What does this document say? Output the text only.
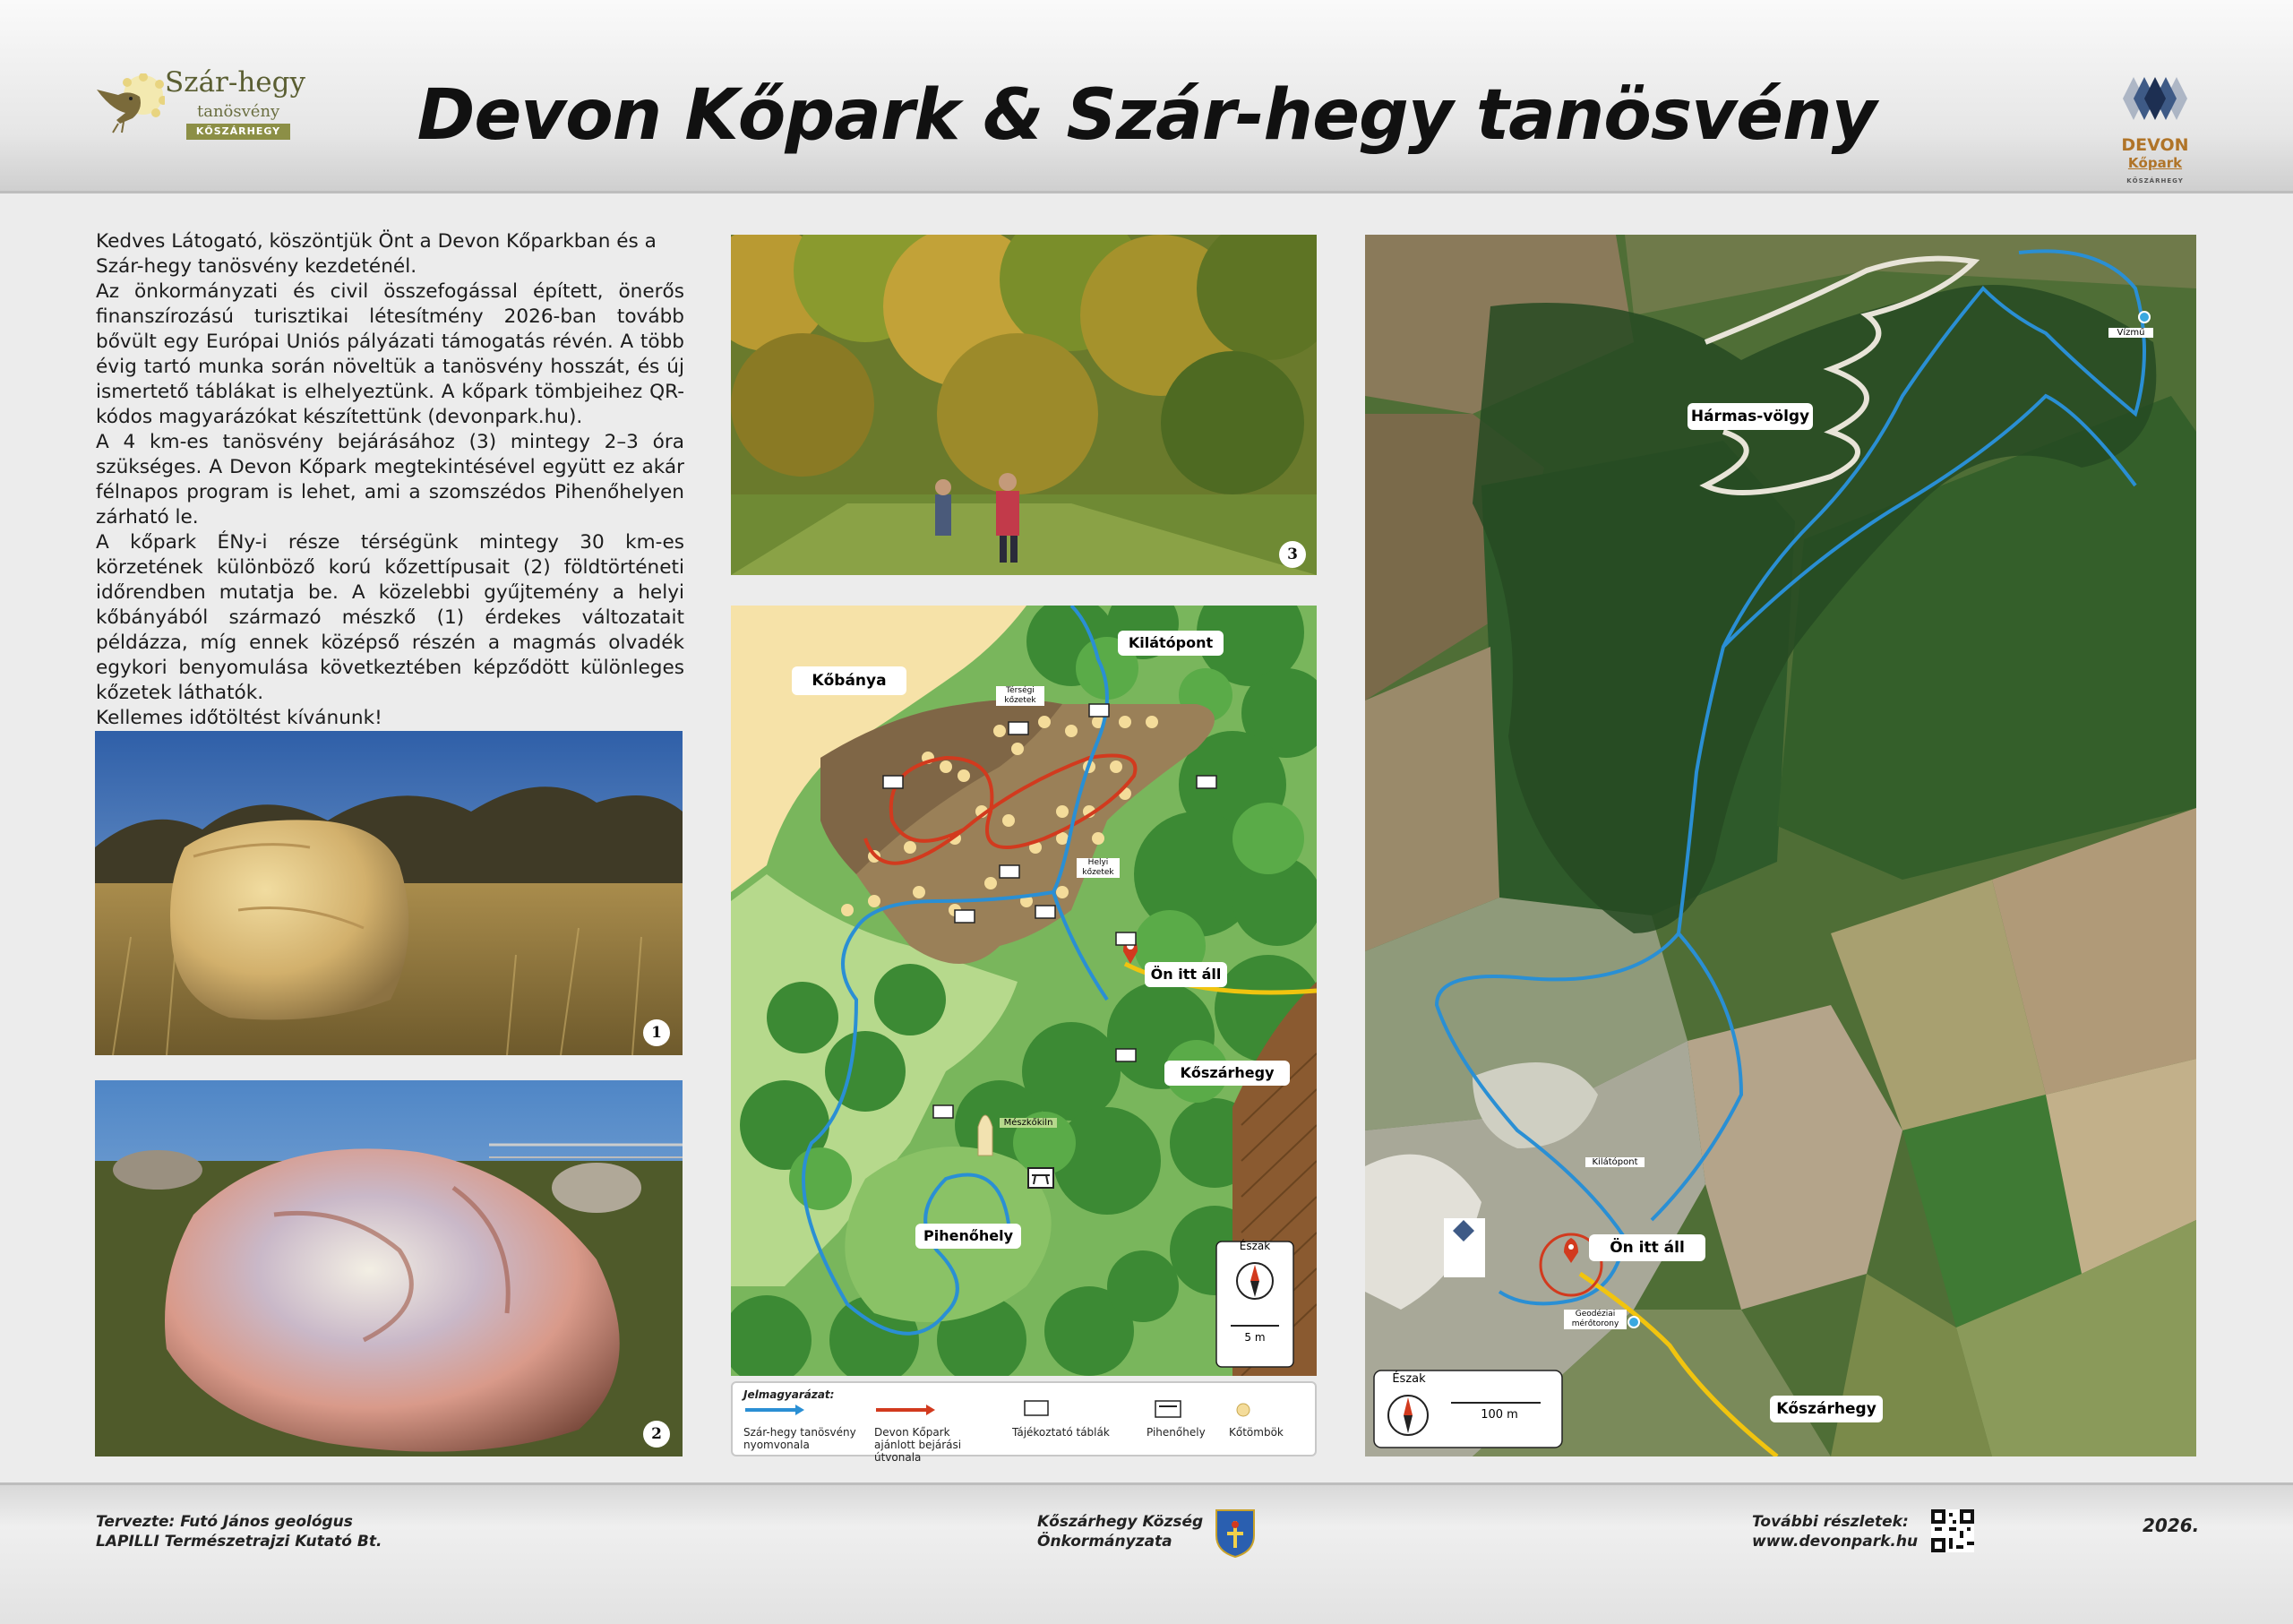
Szár-hegy
tanösvény
KŐSZÁRHEGY	Devon Kőpark & Szár-hegy tanösvény	DEVON
Kőpark
KŐSZÁRHEGY

Kedves Látogató, köszöntjük Önt a Devon Kőparkban és a Szár-hegy tanösvény kezdeténél.

Az önkormányzati és civil összefogással épített, önerős finanszírozású turisztikai létesítmény 2026-ban tovább bővült egy Európai Uniós pályázati támogatás révén. A több évig tartó munka során növeltük a tanösvény hosszát, és új ismertető táblákat is elhelyeztünk. A kőpark tömbjeihez QR-kódos magyarázókat készítettünk (devonpark.hu).

A 4 km-es tanösvény bejárásához (3) mintegy 2–3 óra szükséges. A Devon Kőpark megtekintésével együtt ez akár félnapos program is lehet, ami a szomszédos Pihenőhelyen zárható le.

A kőpark ÉNy-i része térségünk mintegy 30 km-es körzetének különböző korú kőzettípusait (2) földtörténeti időrendben mutatja be. A közelebbi gyűjtemény a helyi kőbányából származó mészkő (1) érdekes változatait példázza, míg ennek középső részén a magmás olvadék egykori benyomulása következtében képződött különleges kőzetek láthatók.

Kellemes időtöltést kívánunk!

1
2
3
Kőbánya
Kilátópont
Térségi kőzetek
Helyi kőzetek
Ön itt áll
Kőszárhegy
Mészkőkiln
Pihenőhely
Észak
5 m
Jelmagyarázat:
Szár-hegy tanösvény nyomvonala
Devon Kőpark ajánlott bejárási útvonala
Tájékoztató táblák	Pihenőhely	Kőtömbök
Hármas-völgy
Vízmű
Kilátópont
Ön itt áll
Geodéziai mérőtorony
Kőszárhegy
Észak
100 m
Tervezte: Futó János geológus
LAPILLI Természetrajzi Kutató Bt.
Kőszárhegy Község
Önkormányzata
További részletek:
www.devonpark.hu
2026.
